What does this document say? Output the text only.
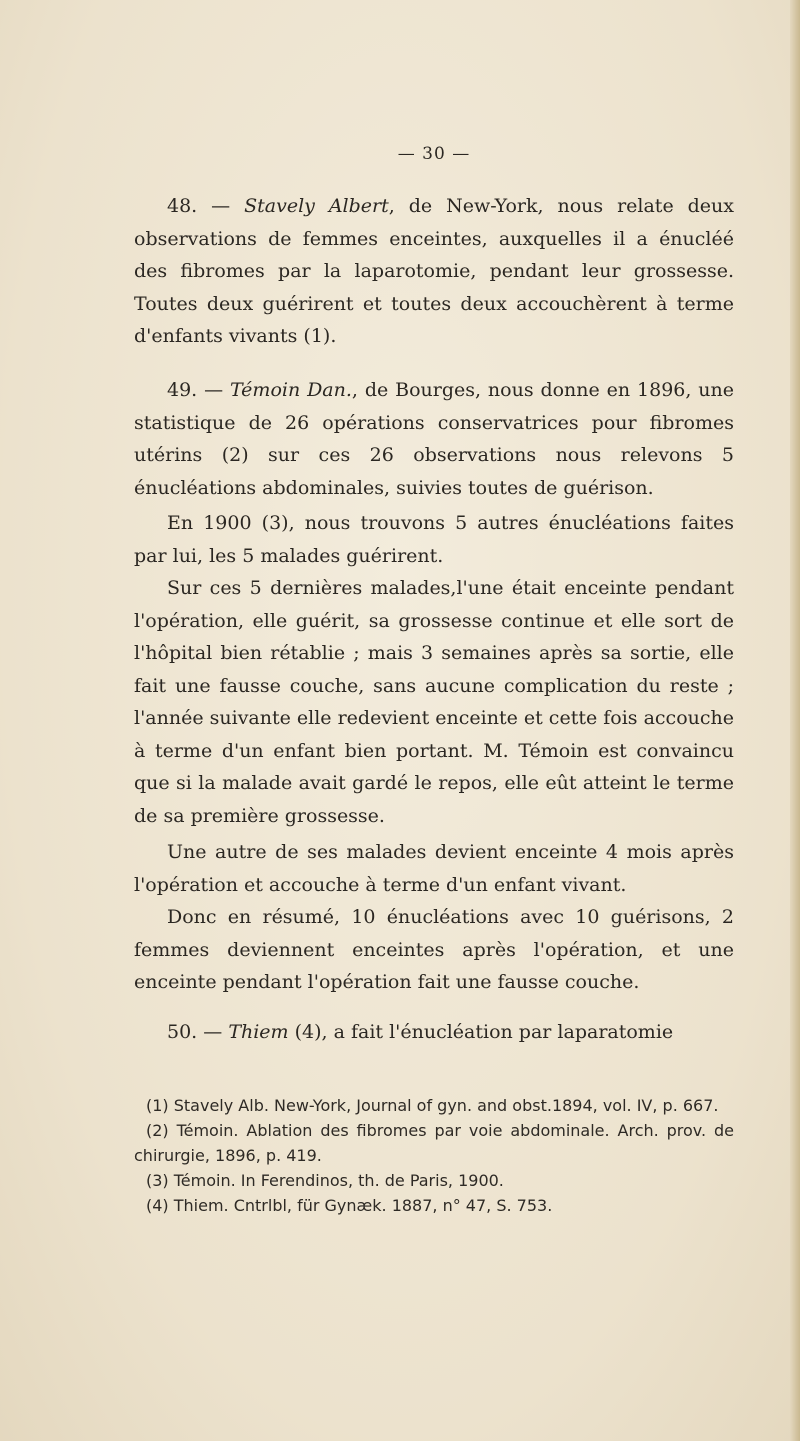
— 30 —

48. — Stavely Albert, de New-York, nous relate deux observations de femmes enceintes, auxquelles il a énucléé des fibromes par la laparotomie, pendant leur grossesse. Toutes deux guérirent et toutes deux accouchèrent à terme d'enfants vivants (1).

49. — Témoin Dan., de Bourges, nous donne en 1896, une statistique de 26 opérations conservatrices pour fibromes utérins (2) sur ces 26 observations nous relevons 5 énucléations abdominales, suivies toutes de guérison.

En 1900 (3), nous trouvons 5 autres énucléations faites par lui, les 5 malades guérirent.

Sur ces 5 dernières malades,l'une était enceinte pendant l'opération, elle guérit, sa grossesse continue et elle sort de l'hôpital bien rétablie ; mais 3 semaines après sa sortie, elle fait une fausse couche, sans aucune complication du reste ; l'année suivante elle redevient enceinte et cette fois accouche à terme d'un enfant bien portant. M. Témoin est convaincu que si la malade avait gardé le repos, elle eût atteint le terme de sa première grossesse.

Une autre de ses malades devient enceinte 4 mois après l'opération et accouche à terme d'un enfant vivant.

Donc en résumé, 10 énucléations avec 10 guérisons, 2 femmes deviennent enceintes après l'opération, et une enceinte pendant l'opération fait une fausse couche.

50. — Thiem (4), a fait l'énucléation par laparatomie

(1) Stavely Alb. New-York, Journal of gyn. and obst.1894, vol. IV, p. 667.

(2) Témoin. Ablation des fibromes par voie abdominale. Arch. prov. de chirurgie, 1896, p. 419.

(3) Témoin. In Ferendinos, th. de Paris, 1900.

(4) Thiem. Cntrlbl, für Gynæk. 1887, n° 47, S. 753.
